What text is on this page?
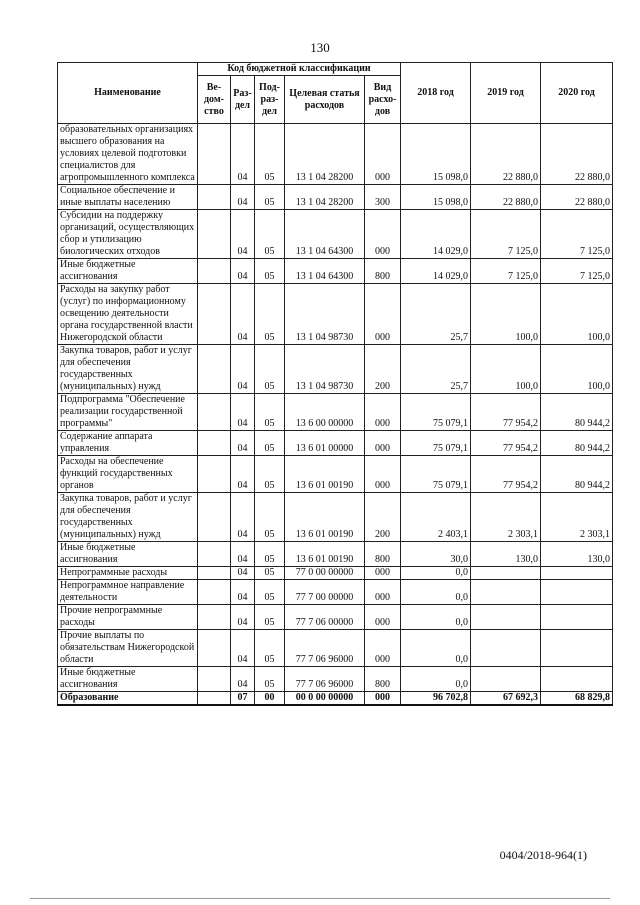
130
Наименование	Код бюджетной классификации					2018 год	2019 год	2020 год
	Ве-дом-ство	Раз-дел	Под-раз-дел	Целевая статья расходов	Вид расхо-дов			
образовательных организациях высшего образования на условиях целевой подготовки специалистов для агропромышленного комплекса		04	05	13 1 04 28200	000	15 098,0	22 880,0	22 880,0
Социальное обеспечение и иные выплаты населению		04	05	13 1 04 28200	300	15 098,0	22 880,0	22 880,0
Субсидии на поддержку организаций, осуществляющих сбор и утилизацию биологических отходов		04	05	13 1 04 64300	000	14 029,0	7 125,0	7 125,0
Иные бюджетные ассигнования		04	05	13 1 04 64300	800	14 029,0	7 125,0	7 125,0
Расходы на закупку работ (услуг) по информационному освещению деятельности органа государственной власти Нижегородской области		04	05	13 1 04 98730	000	25,7	100,0	100,0
Закупка товаров, работ и услуг для обеспечения государственных (муниципальных) нужд		04	05	13 1 04 98730	200	25,7	100,0	100,0
Подпрограмма "Обеспечение реализации государственной программы"		04	05	13 6 00 00000	000	75 079,1	77 954,2	80 944,2
Содержание аппарата управления		04	05	13 6 01 00000	000	75 079,1	77 954,2	80 944,2
Расходы на обеспечение функций государственных органов		04	05	13 6 01 00190	000	75 079,1	77 954,2	80 944,2
Закупка товаров, работ и услуг для обеспечения государственных (муниципальных) нужд		04	05	13 6 01 00190	200	2 403,1	2 303,1	2 303,1
Иные бюджетные ассигнования		04	05	13 6 01 00190	800	30,0	130,0	130,0
Непрограммные расходы		04	05	77 0 00 00000	000	0,0		
Непрограммное направление деятельности		04	05	77 7 00 00000	000	0,0		
Прочие непрограммные расходы		04	05	77 7 06 00000	000	0,0		
Прочие выплаты по обязательствам Нижегородской области		04	05	77 7 06 96000	000	0,0		
Иные бюджетные ассигнования		04	05	77 7 06 96000	800	0,0		
Образование		07	00	00 0 00 00000	000	96 702,8	67 692,3	68 829,8
0404/2018-964(1)
